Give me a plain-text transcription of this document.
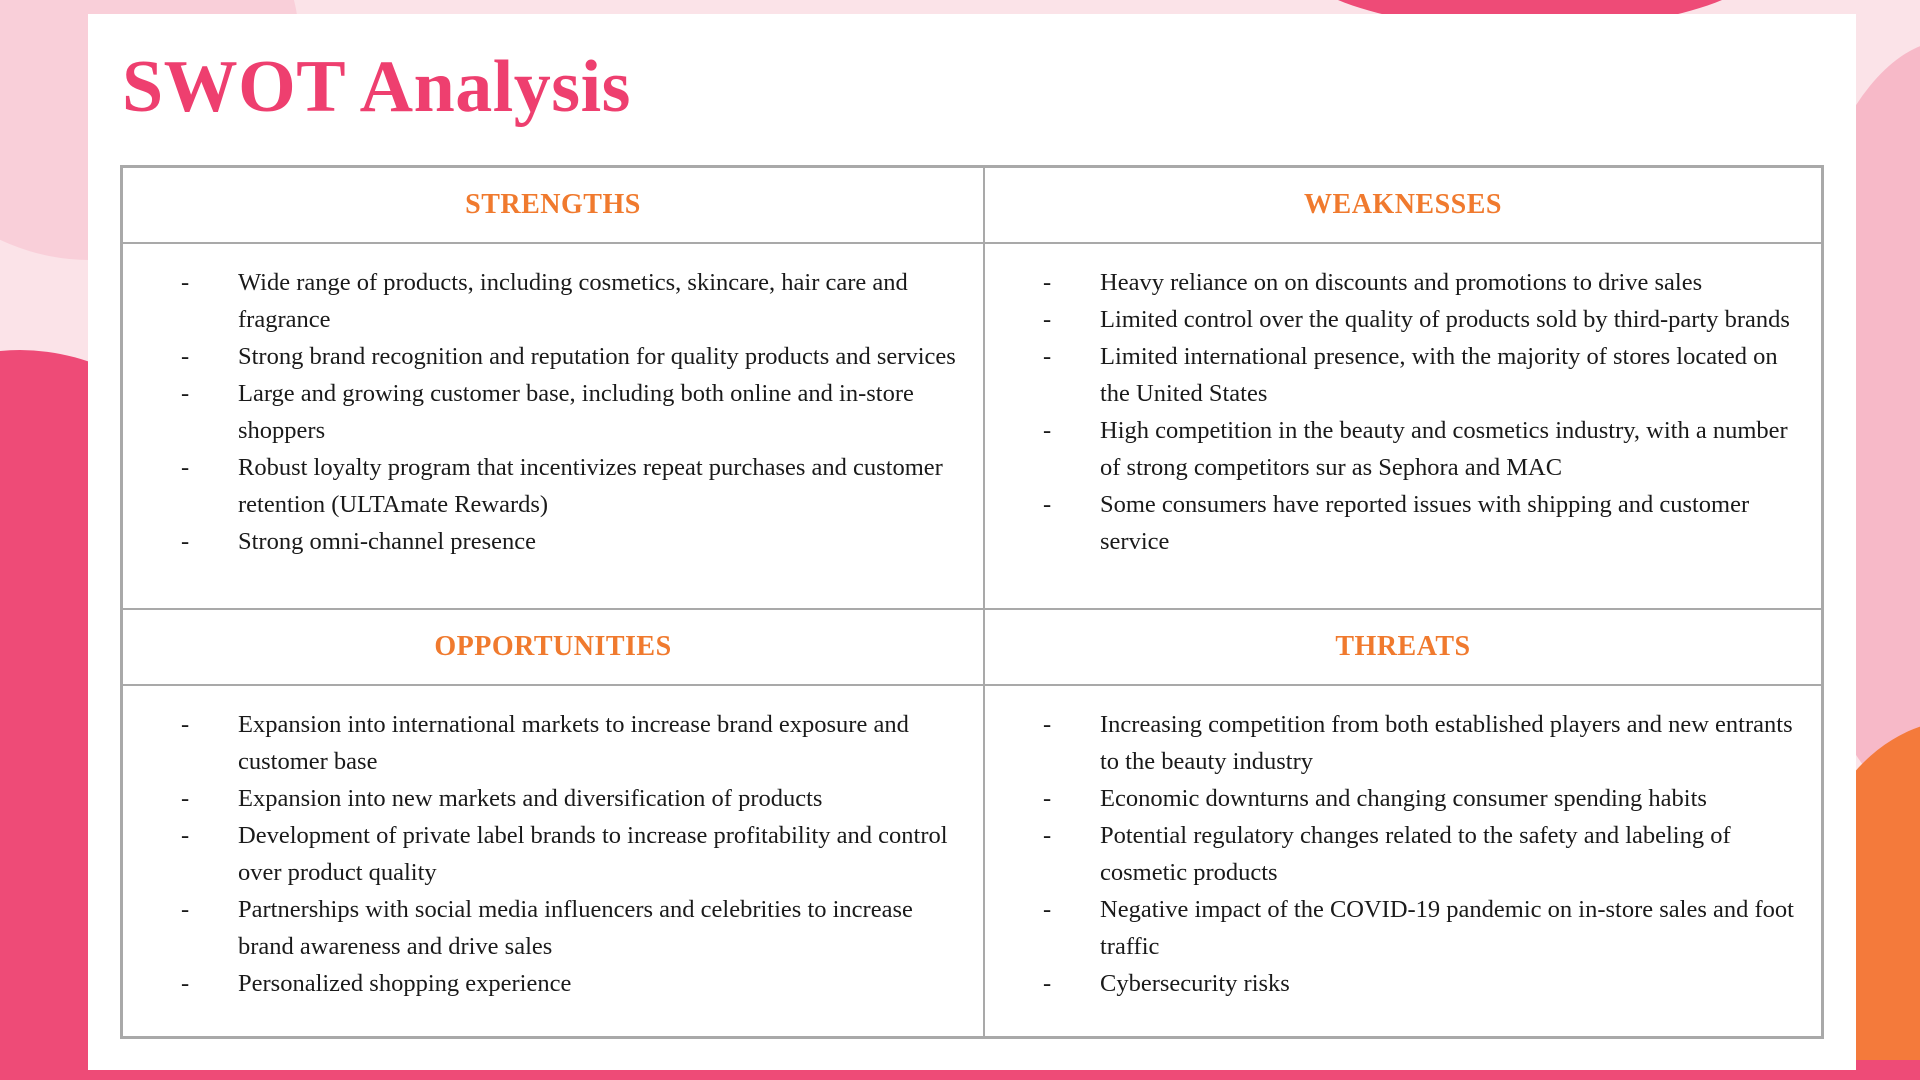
SWOT Analysis
STRENGTHS	WEAKNESSES
- Wide range of products, including cosmetics, skincare, hair care and fragrance
- Strong brand recognition and reputation for quality products and services
- Large and growing customer base, including both online and in-store shoppers
- Robust loyalty program that incentivizes repeat purchases and customer retention (ULTAmate Rewards)
- Strong omni-channel presence
- Heavy reliance on on discounts and promotions to drive sales
- Limited control over the quality of products sold by third-party brands
- Limited international presence, with the majority of stores located on the United States
- High competition in the beauty and cosmetics industry, with a number of strong competitors sur as Sephora and MAC
- Some consumers have reported issues with shipping and customer service
OPPORTUNITIES	THREATS
- Expansion into international markets to increase brand exposure and customer base
- Expansion into new markets and diversification of products
- Development of private label brands to increase profitability and control over product quality
- Partnerships with social media influencers and celebrities to increase brand awareness and drive sales
- Personalized shopping experience
- Increasing competition from both established players and new entrants to the beauty industry
- Economic downturns and changing consumer spending habits
- Potential regulatory changes related to the safety and labeling of cosmetic products
- Negative impact of the COVID-19 pandemic on in-store sales and foot traffic
- Cybersecurity risks
